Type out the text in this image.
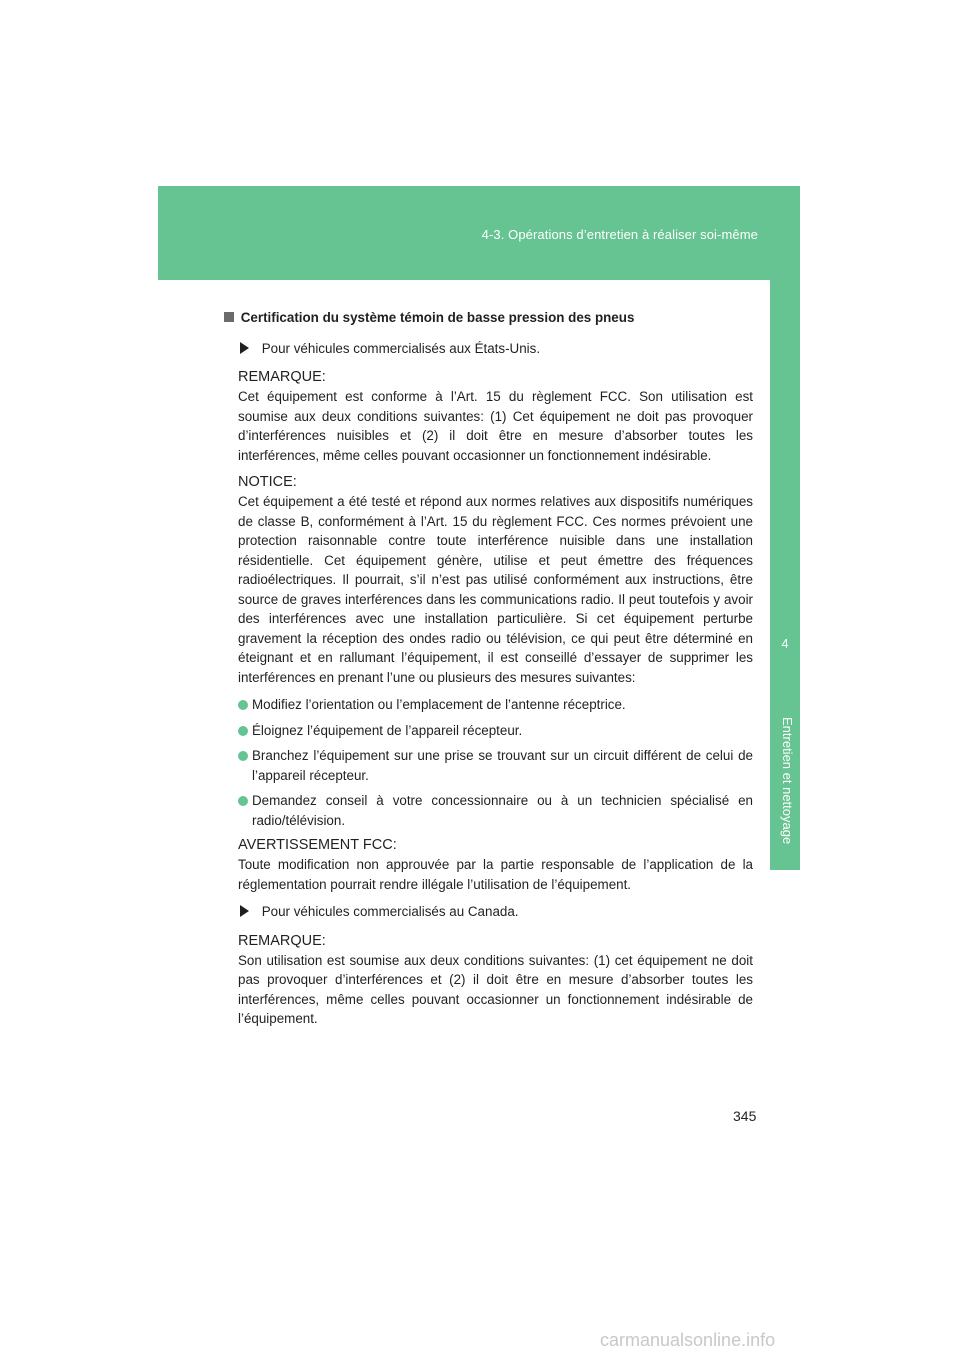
4-3. Opérations d’entretien à réaliser soi-même
4
Entretien et nettoyage
Certification du système témoin de basse pression des pneus
Pour véhicules commercialisés aux États-Unis.
REMARQUE:

Cet équipement est conforme à l’Art. 15 du règlement FCC. Son utilisation est soumise aux deux conditions suivantes: (1) Cet équipement ne doit pas provoquer d’interférences nuisibles et (2) il doit être en mesure d’absorber toutes les interférences, même celles pouvant occasionner un fonctionnement indésirable.

NOTICE:

Cet équipement a été testé et répond aux normes relatives aux dispositifs numériques de classe B, conformément à l’Art. 15 du règlement FCC. Ces normes prévoient une protection raisonnable contre toute interférence nuisible dans une installation résidentielle. Cet équipement génère, utilise et peut émettre des fréquences radioélectriques. Il pourrait, s’il n’est pas utilisé conformément aux instructions, être source de graves interférences dans les communications radio. Il peut toutefois y avoir des interférences avec une installation particulière. Si cet équipement perturbe gravement la réception des ondes radio ou télévision, ce qui peut être déterminé en éteignant et en rallumant l’équipement, il est conseillé d’essayer de supprimer les interférences en prenant l’une ou plusieurs des mesures suivantes:

Modifiez l’orientation ou l’emplacement de l’antenne réceptrice.
Éloignez l’équipement de l’appareil récepteur.
Branchez l’équipement sur une prise se trouvant sur un circuit différent de celui de l’appareil récepteur.
Demandez conseil à votre concessionnaire ou à un technicien spécialisé en radio/télévision.
AVERTISSEMENT FCC:

Toute modification non approuvée par la partie responsable de l’application de la réglementation pourrait rendre illégale l’utilisation de l’équipement.

Pour véhicules commercialisés au Canada.
REMARQUE:

Son utilisation est soumise aux deux conditions suivantes: (1) cet équipement ne doit pas provoquer d’interférences et (2) il doit être en mesure d’absorber toutes les interférences, même celles pouvant occasionner un fonctionnement indésirable de l’équipement.

345
carmanualsonline.info
